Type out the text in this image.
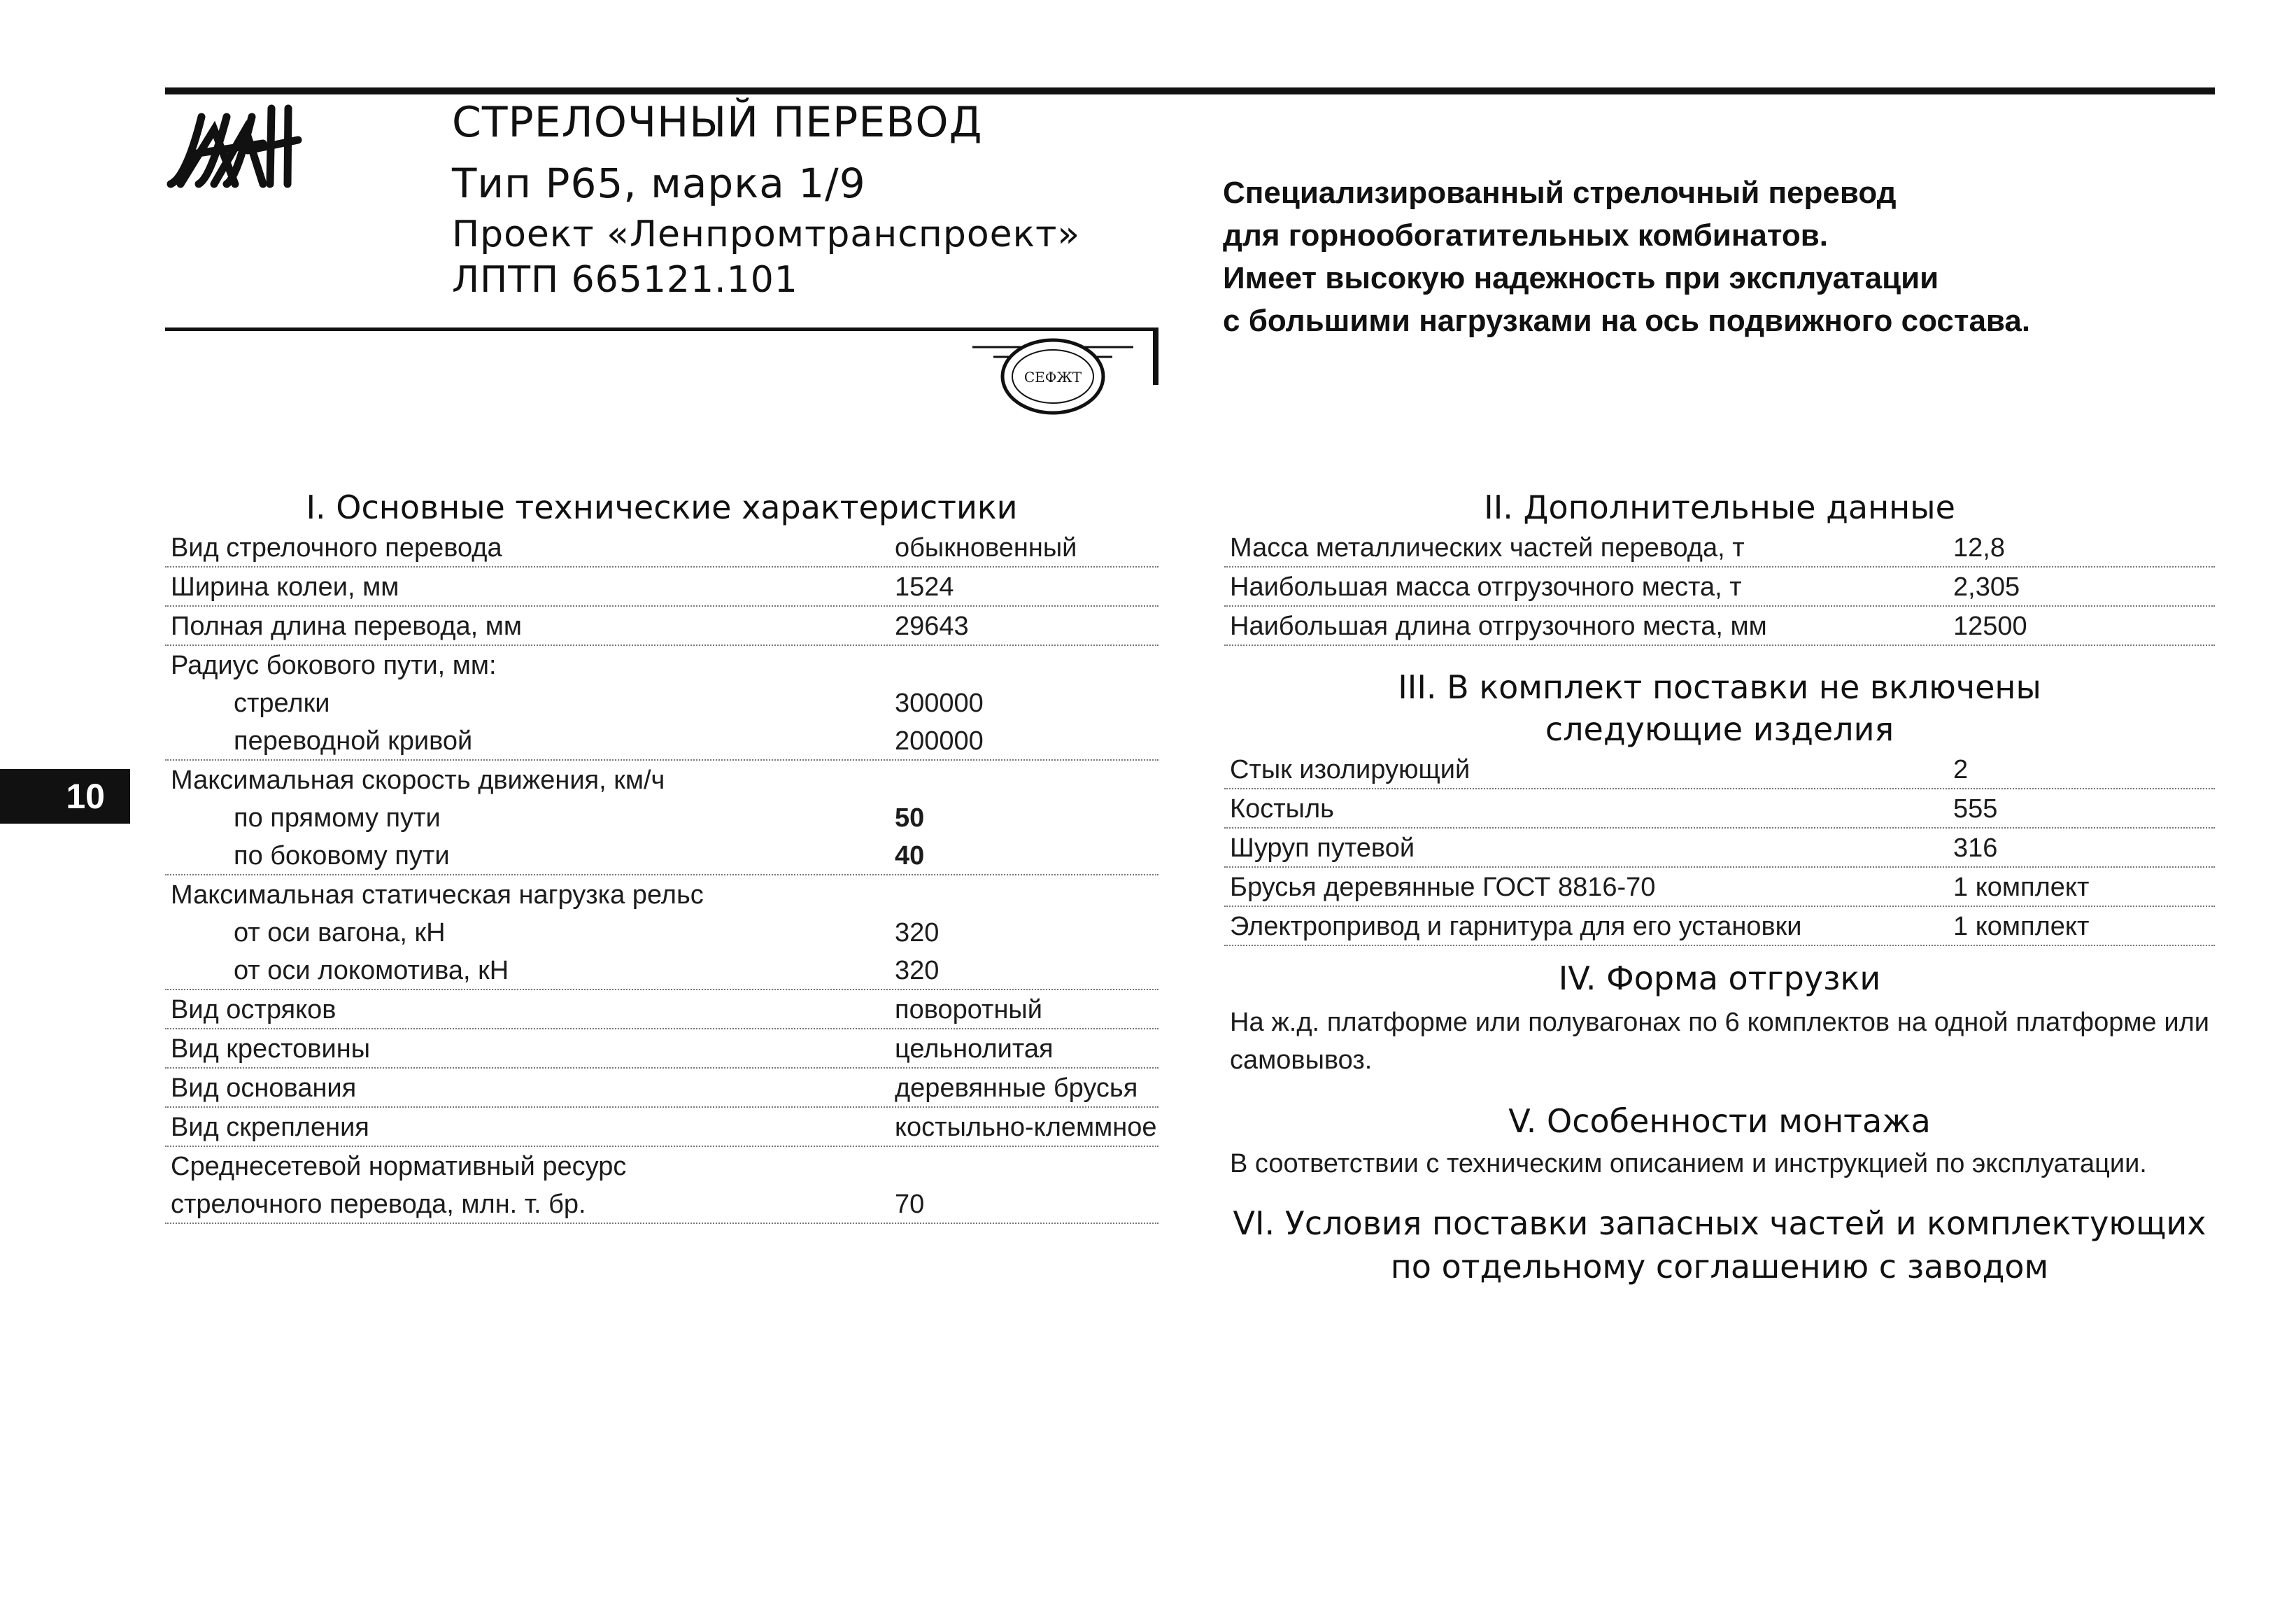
СТРЕЛОЧНЫЙ ПЕРЕВОД
Тип Р65, марка 1/9
Проект «Ленпромтранспроект»
ЛПТП 665121.101
СЕФЖТ
Специализированный стрелочный перевод
для горнообогатительных комбинатов.
Имеет высокую надежность при эксплуатации
с большими нагрузками на ось подвижного состава.
10
I. Основные технические характеристики
Вид стрелочного перевода	обыкновенный
Ширина колеи, мм	1524
Полная длина перевода, мм	29643
Радиус бокового пути, мм:
стрелки	300000
переводной кривой	200000
Максимальная скорость движения, км/ч
по прямому пути	50
по боковому пути	40
Максимальная статическая нагрузка рельс
от оси вагона, кН	320
от оси локомотива, кН	320
Вид остряков	поворотный
Вид крестовины	цельнолитая
Вид основания	деревянные брусья
Вид скрепления	костыльно-клеммное
Среднесетевой нормативный ресурс
стрелочного перевода, млн. т. бр.	70
II. Дополнительные данные
Масса металлических частей перевода, т	12,8
Наибольшая масса отгрузочного места, т	2,305
Наибольшая длина отгрузочного места, мм	12500
III. В комплект поставки не включены
следующие изделия
Стык изолирующий	2
Костыль	555
Шуруп путевой	316
Брусья деревянные ГОСТ 8816-70	1 комплект
Электропривод и гарнитура для его установки	1 комплект
IV. Форма отгрузки
На ж.д. платформе или полувагонах по 6 комплектов на одной платформе или самовывоз.
V. Особенности монтажа
В соответствии с техническим описанием и инструкцией по эксплуатации.
VI. Условия поставки запасных частей и комплектующих
по отдельному соглашению с заводом
